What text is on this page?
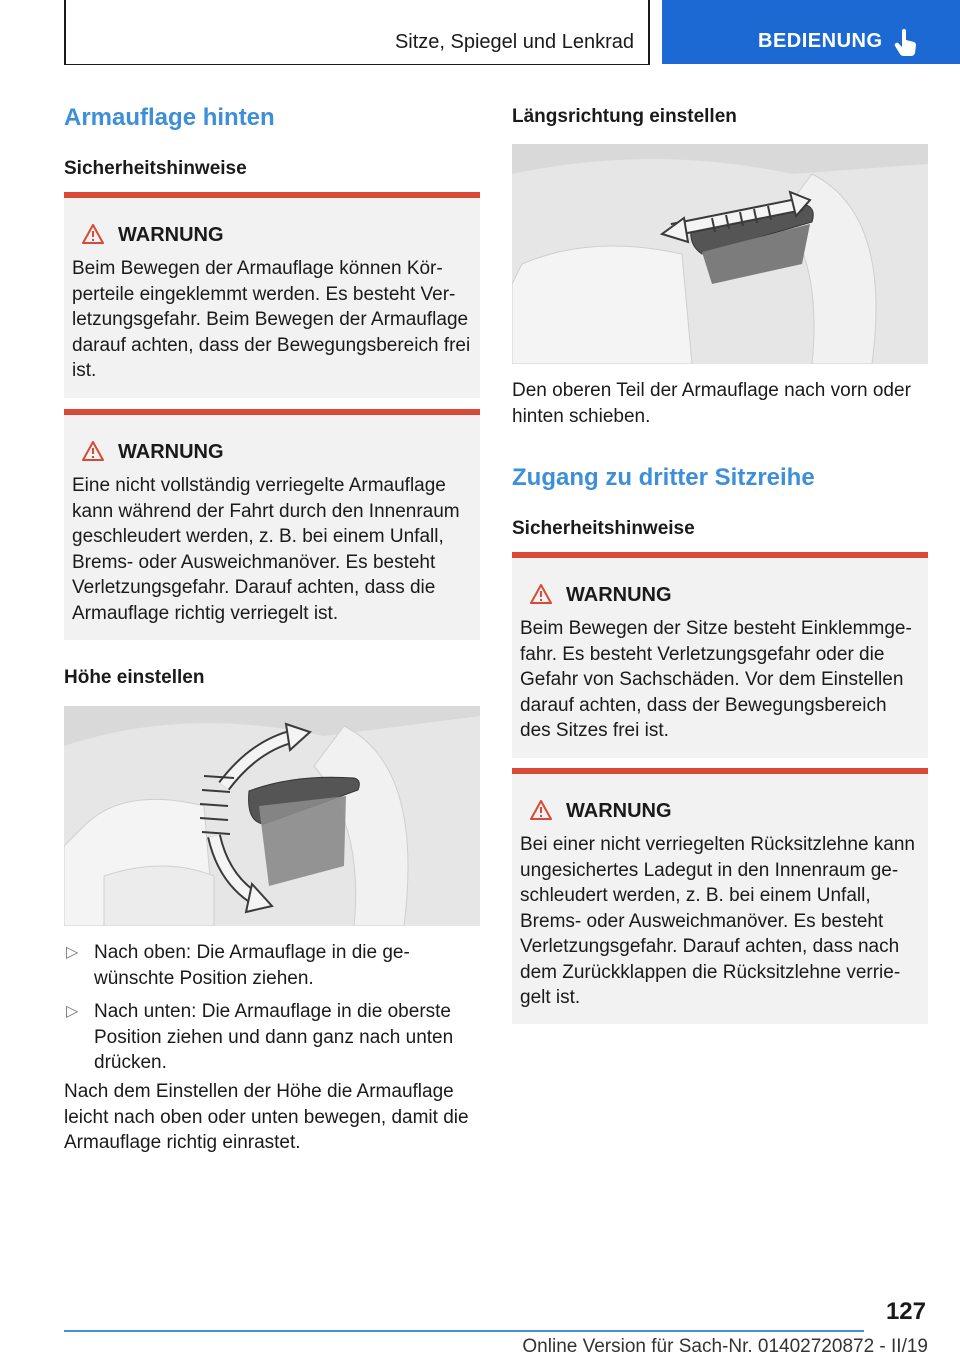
Sitze, Spiegel und Lenkrad	BEDIENUNG
Armauflage hinten
Sicherheitshinweise
WARNUNG
Beim Bewegen der Armauflage können Körperteile eingeklemmt werden. Es besteht Verletzungsgefahr. Beim Bewegen der Armauflage darauf achten, dass der Bewegungsbereich frei ist.
WARNUNG
Eine nicht vollständig verriegelte Armauflage kann während der Fahrt durch den Innenraum geschleudert werden, z. B. bei einem Unfall, Brems- oder Ausweichmanöver. Es besteht Verletzungsgefahr. Darauf achten, dass die Armauflage richtig verriegelt ist.
Höhe einstellen
▷ Nach oben: Die Armauflage in die gewünschte Position ziehen.
▷ Nach unten: Die Armauflage in die oberste Position ziehen und dann ganz nach unten drücken.
Nach dem Einstellen der Höhe die Armauflage leicht nach oben oder unten bewegen, damit die Armauflage richtig einrastet.
Längsrichtung einstellen
Den oberen Teil der Armauflage nach vorn oder hinten schieben.
Zugang zu dritter Sitzreihe
Sicherheitshinweise
WARNUNG
Beim Bewegen der Sitze besteht Einklemmgefahr. Es besteht Verletzungsgefahr oder die Gefahr von Sachschäden. Vor dem Einstellen darauf achten, dass der Bewegungsbereich des Sitzes frei ist.
WARNUNG
Bei einer nicht verriegelten Rücksitzlehne kann ungesichertes Ladegut in den Innenraum geschleudert werden, z. B. bei einem Unfall, Brems- oder Ausweichmanöver. Es besteht Verletzungsgefahr. Darauf achten, dass nach dem Zurückklappen die Rücksitzlehne verriegelt ist.
127
Online Version für Sach-Nr. 01402720872 - II/19
